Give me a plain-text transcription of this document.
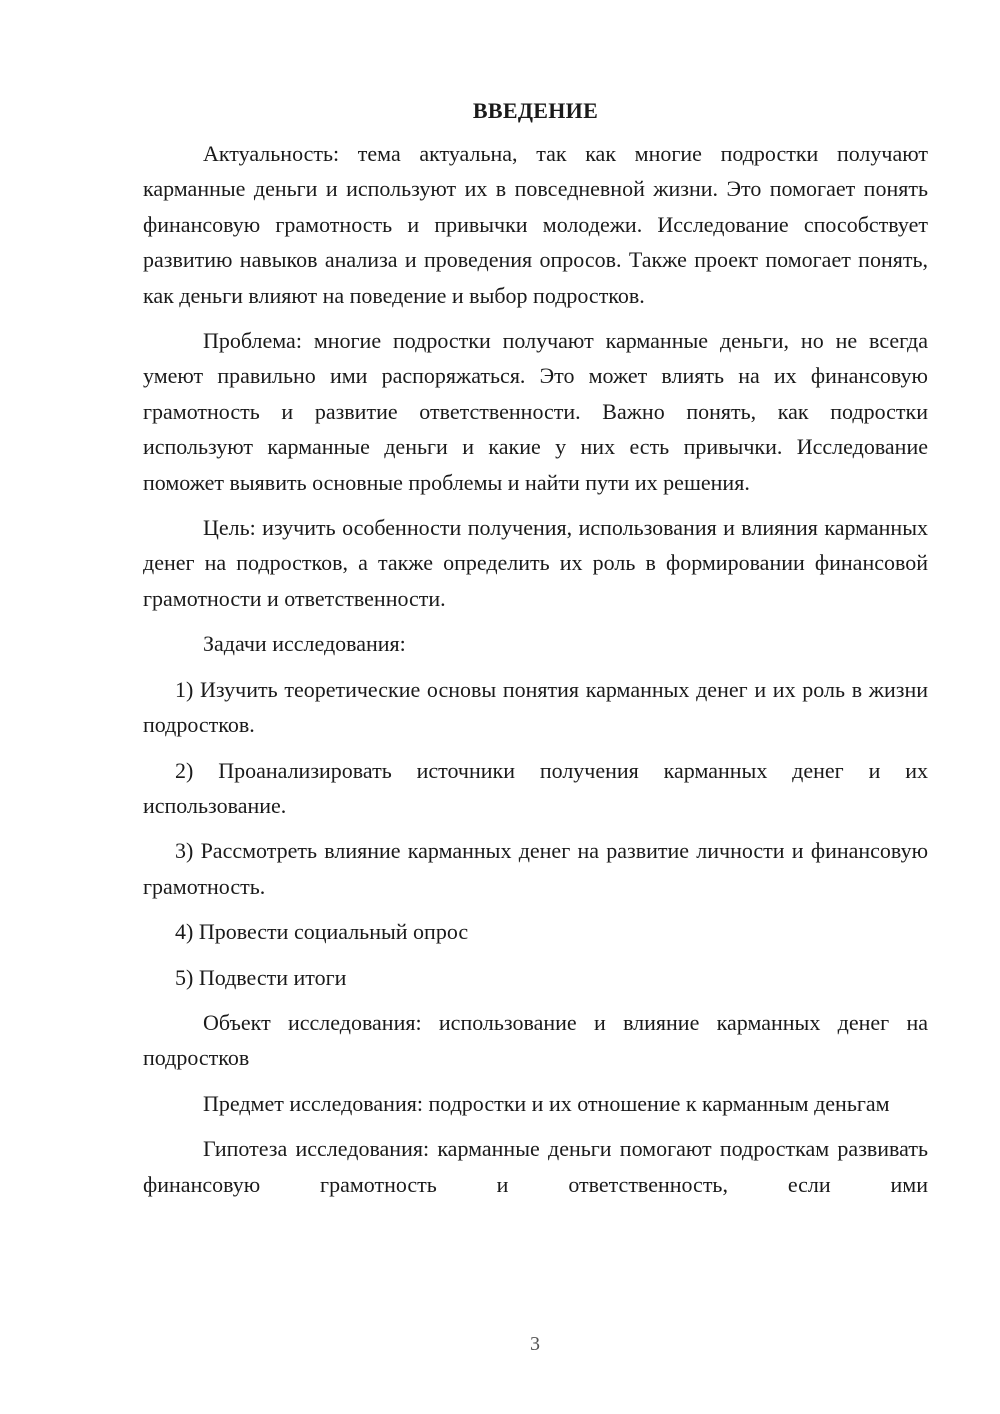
ВВЕДЕНИЕ
Актуальность: тема актуальна, так как многие подростки получают карманные деньги и используют их в повседневной жизни. Это помогает понять финансовую грамотность и привычки молодежи. Исследование способствует развитию навыков анализа и проведения опросов. Также проект помогает понять, как деньги влияют на поведение и выбор подростков.
Проблема: многие подростки получают карманные деньги, но не всегда умеют правильно ими распоряжаться. Это может влиять на их финансовую грамотность и развитие ответственности. Важно понять, как подростки используют карманные деньги и какие у них есть привычки. Исследование поможет выявить основные проблемы и найти пути их решения.
Цель: изучить особенности получения, использования и влияния карманных денег на подростков, а также определить их роль в формировании финансовой грамотности и ответственности.
Задачи исследования:
1) Изучить теоретические основы понятия карманных денег и их роль в жизни подростков.
2) Проанализировать источники получения карманных денег и их использование.
3) Рассмотреть влияние карманных денег на развитие личности и финансовую грамотность.
4) Провести социальный опрос
5) Подвести итоги
Объект исследования: использование и влияние карманных денег на подростков
Предмет исследования: подростки и их отношение к карманным деньгам
Гипотеза исследования: карманные деньги помогают подросткам развивать финансовую грамотность и ответственность, если ими
3
